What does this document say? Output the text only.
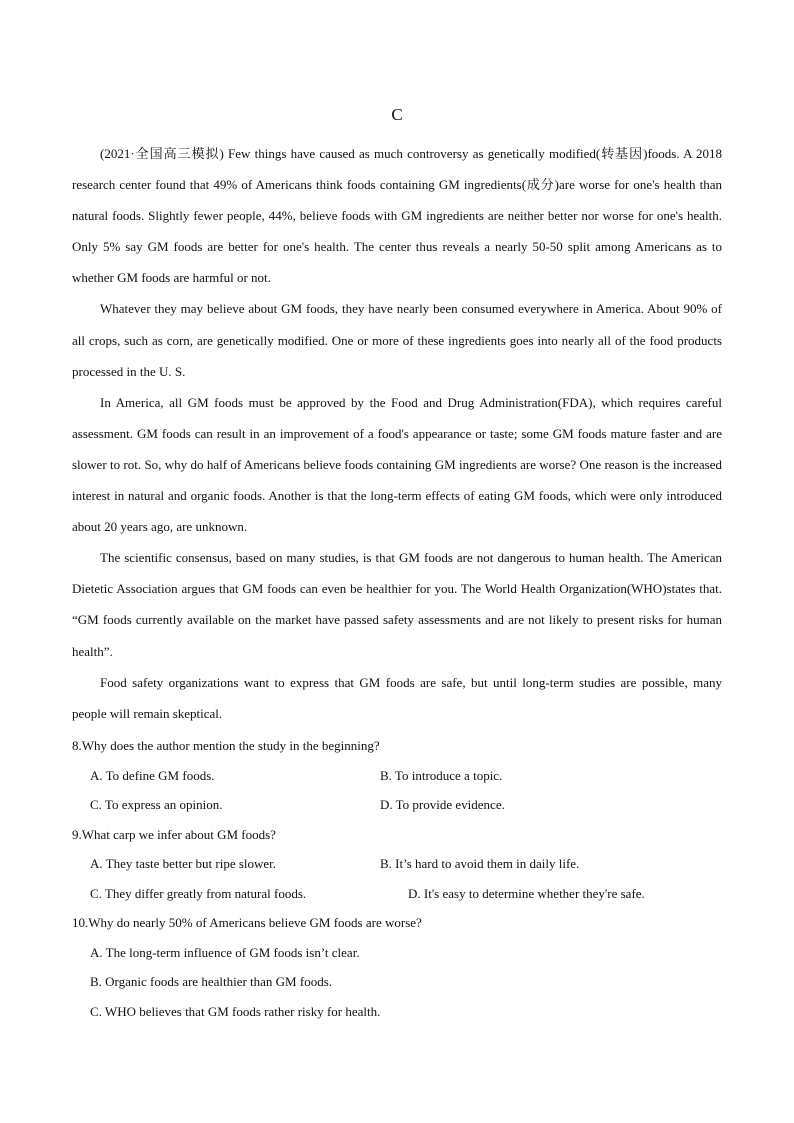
C

(2021·全国高三模拟) Few things have caused as much controversy as genetically modified(转基因)foods. A 2018 research center found that 49% of Americans think foods containing GM ingredients(成分)are worse for one's health than natural foods. Slightly fewer people, 44%, believe foods with GM ingredients are neither better nor worse for one's health. Only 5% say GM foods are better for one's health. The center thus reveals a nearly 50-50 split among Americans as to whether GM foods are harmful or not.

Whatever they may believe about GM foods, they have nearly been consumed everywhere in America. About 90% of all crops, such as corn, are genetically modified. One or more of these ingredients goes into nearly all of the food products processed in the U. S.

In America, all GM foods must be approved by the Food and Drug Administration(FDA), which requires careful assessment. GM foods can result in an improvement of a food's appearance or taste; some GM foods mature faster and are slower to rot. So, why do half of Americans believe foods containing GM ingredients are worse? One reason is the increased interest in natural and organic foods. Another is that the long-term effects of eating GM foods, which were only introduced about 20 years ago, are unknown.

The scientific consensus, based on many studies, is that GM foods are not dangerous to human health. The American Dietetic Association argues that GM foods can even be healthier for you. The World Health Organization(WHO)states that. “GM foods currently available on the market have passed safety assessments and are not likely to present risks for human health”.

Food safety organizations want to express that GM foods are safe, but until long-term studies are possible, many people will remain skeptical.

8.Why does the author mention the study in the beginning?

A. To define GM foods.	B. To introduce a topic.
C. To express an opinion.	D. To provide evidence.

9.What carp we infer about GM foods?

A. They taste better but ripe slower.	B. It’s hard to avoid them in daily life.
C. They differ greatly from natural foods.	D. It's easy to determine whether they're safe.

10.Why do nearly 50% of Americans believe GM foods are worse?

A. The long-term influence of GM foods isn’t clear.

B. Organic foods are healthier than GM foods.

C. WHO believes that GM foods rather risky for health.
